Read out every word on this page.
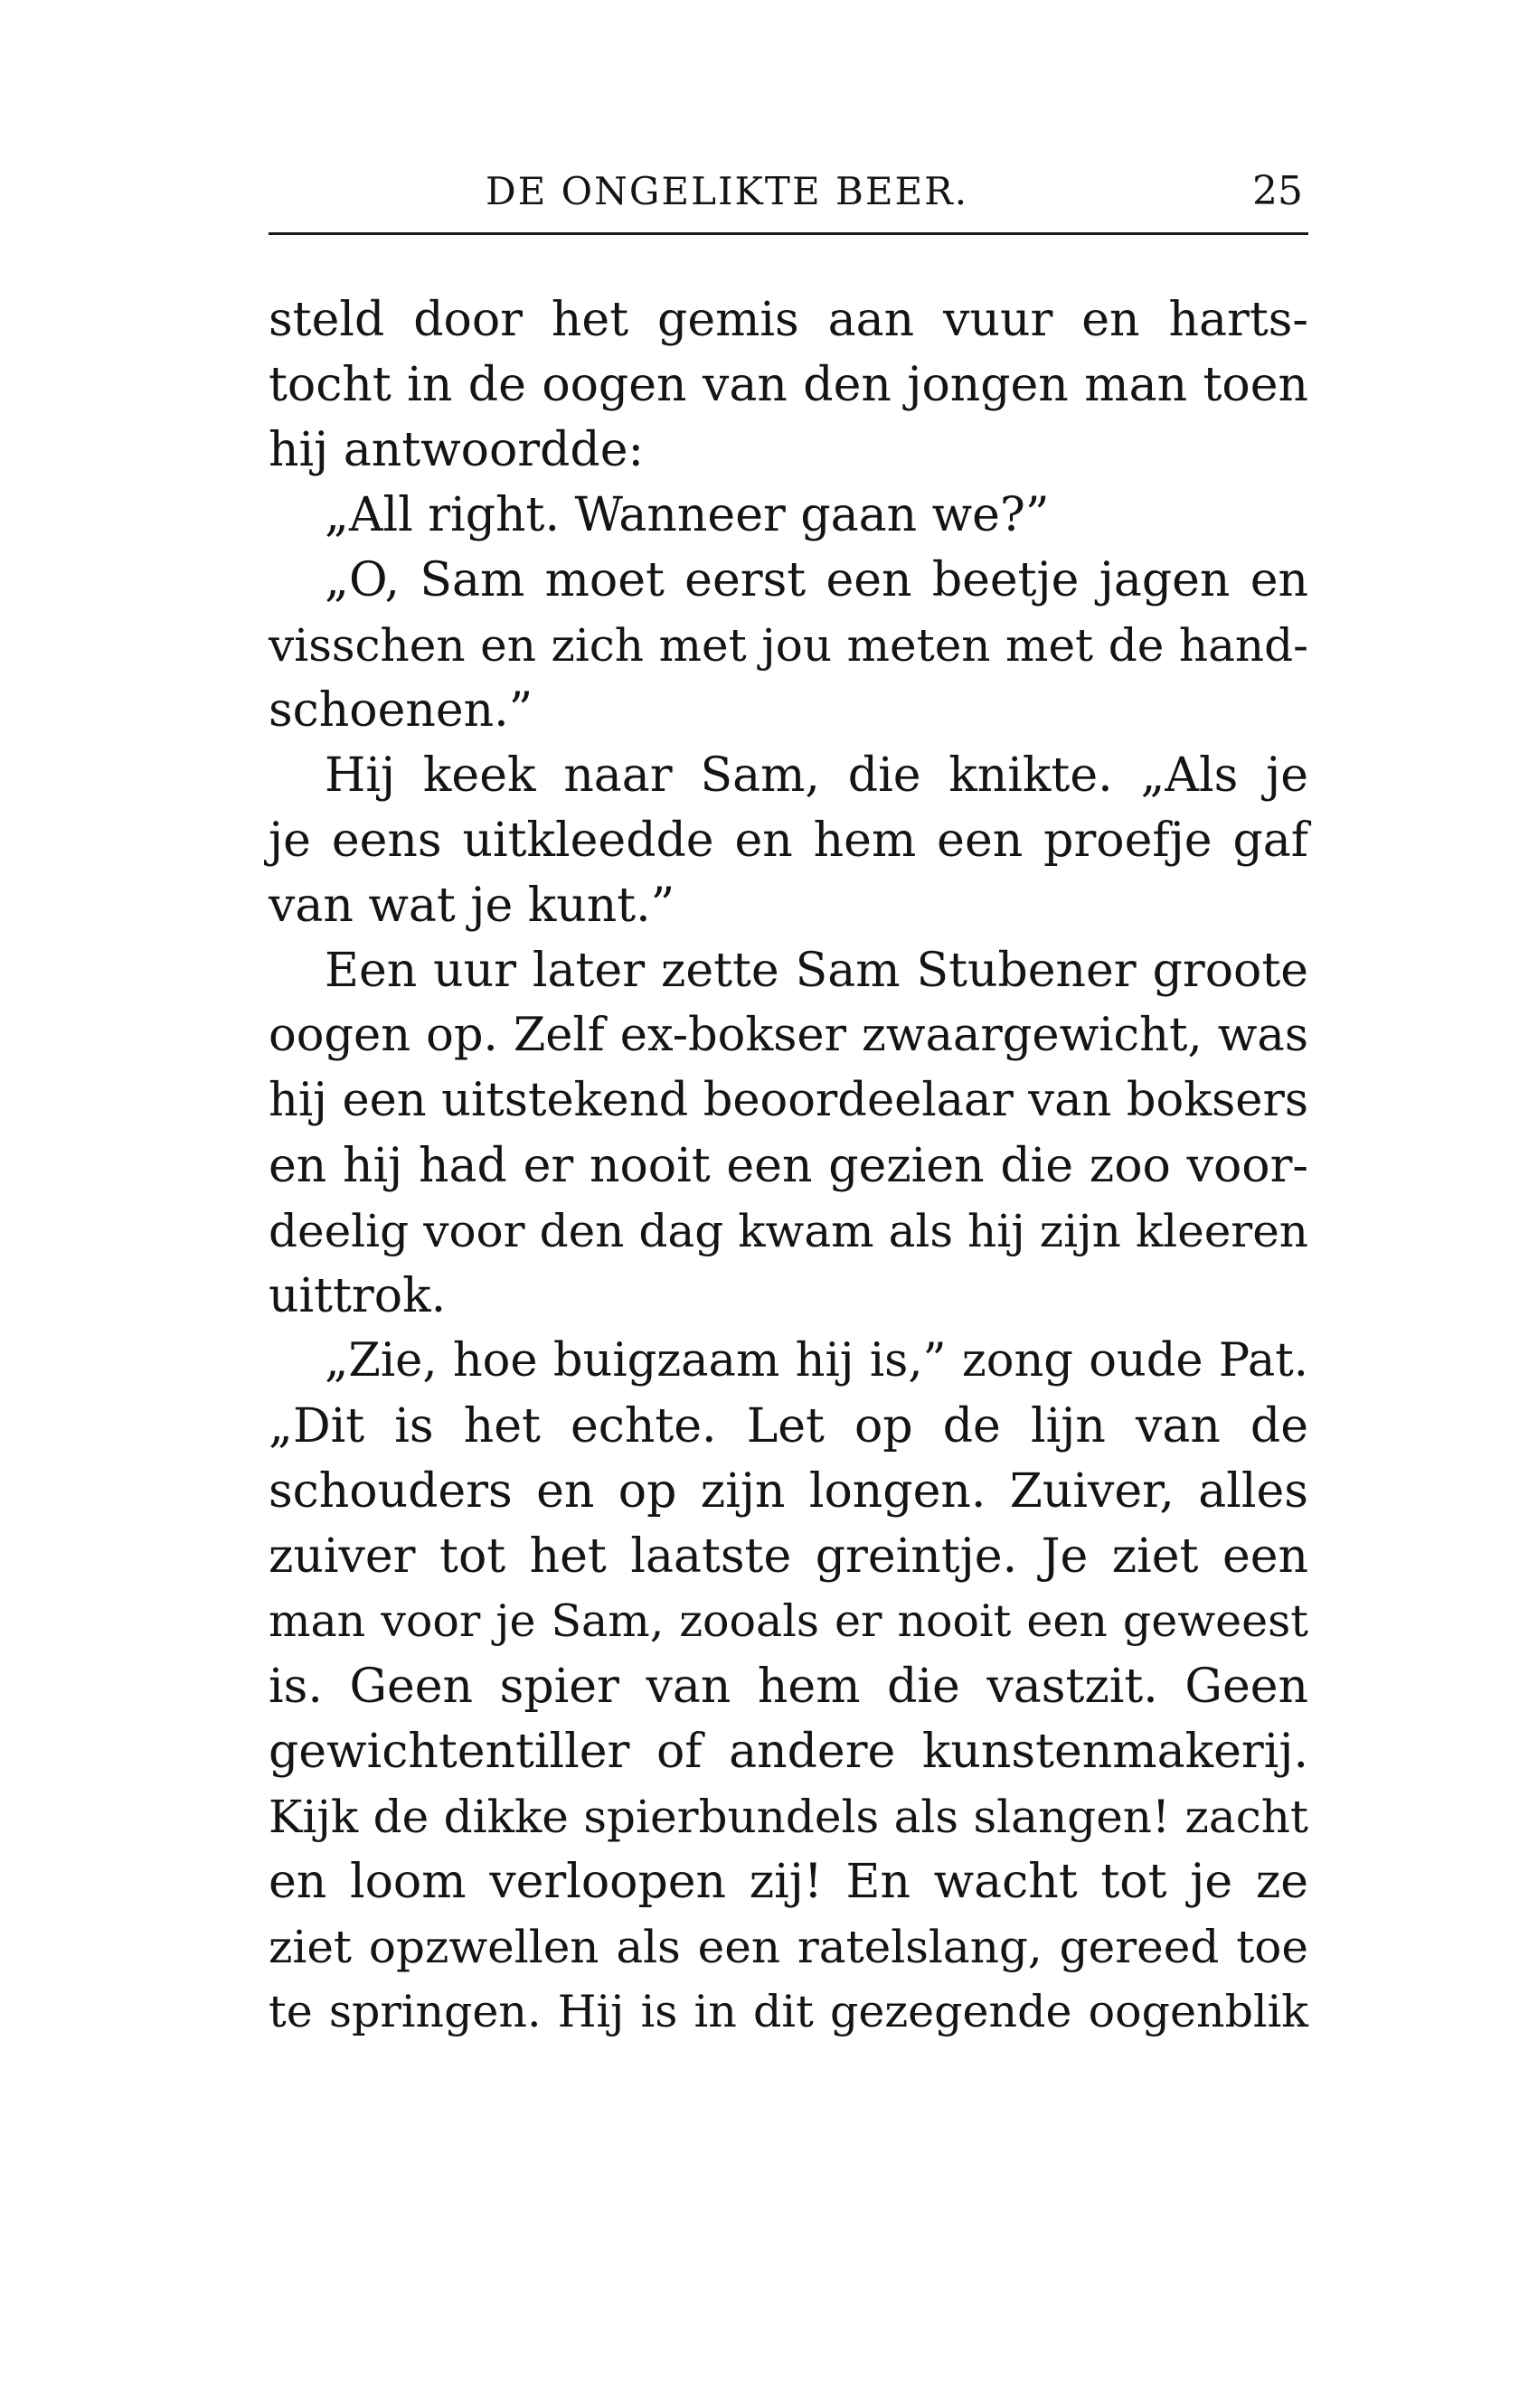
DE ONGELIKTE BEER.	25
steld door het gemis aan vuur en harts-
tocht in de oogen van den jongen man toen
hij antwoordde:
„All right. Wanneer gaan we?”
„O, Sam moet eerst een beetje jagen en
visschen en zich met jou meten met de hand-
schoenen.”
Hij keek naar Sam, die knikte. „Als je
je eens uitkleedde en hem een proefje gaf
van wat je kunt.”
Een uur later zette Sam Stubener groote
oogen op. Zelf ex-bokser zwaargewicht, was
hij een uitstekend beoordeelaar van boksers
en hij had er nooit een gezien die zoo voor-
deelig voor den dag kwam als hij zijn kleeren
uittrok.
„Zie, hoe buigzaam hij is,” zong oude Pat.
„Dit is het echte. Let op de lijn van de
schouders en op zijn longen. Zuiver, alles
zuiver tot het laatste greintje. Je ziet een
man voor je Sam, zooals er nooit een geweest
is. Geen spier van hem die vastzit. Geen
gewichtentiller of andere kunstenmakerij.
Kijk de dikke spierbundels als slangen! zacht
en loom verloopen zij! En wacht tot je ze
ziet opzwellen als een ratelslang, gereed toe
te springen. Hij is in dit gezegende oogenblik
